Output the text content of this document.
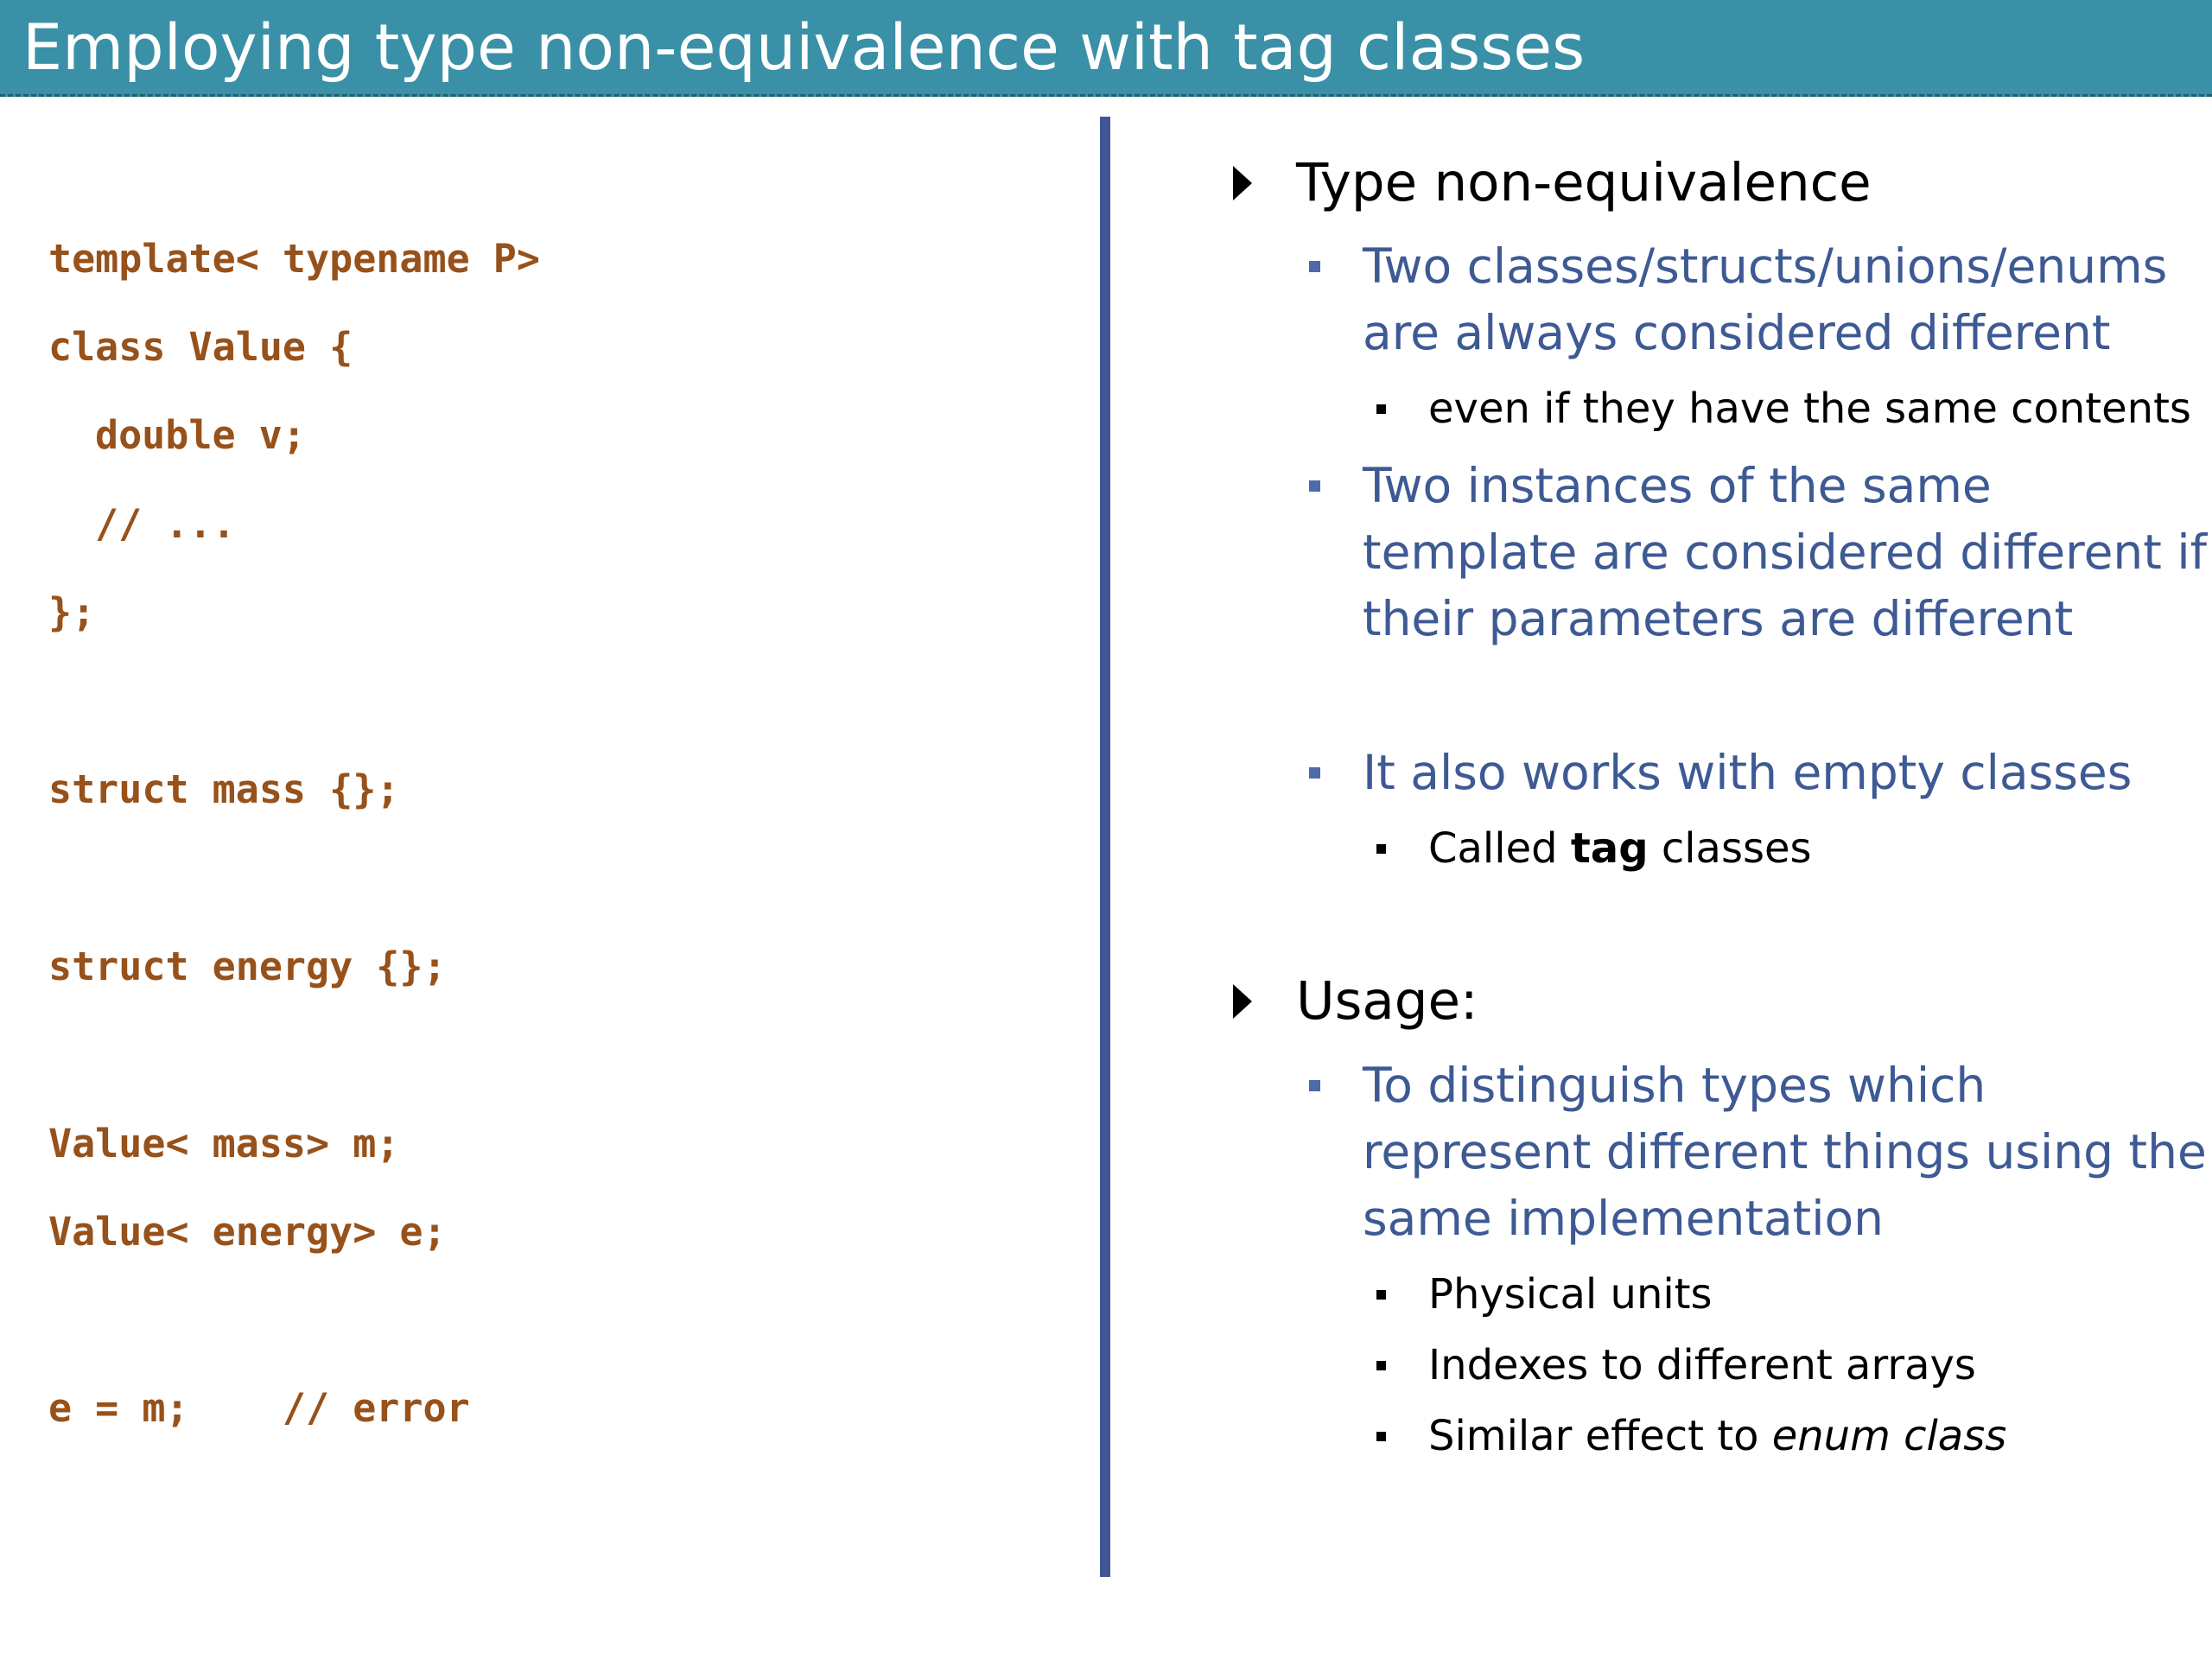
Employing type non-equivalence with tag classes
template< typename P>
class Value {
double v;
// ...
};
struct mass {};
struct energy {};
Value< mass> m;
Value< energy> e;
e = m;    // error
Type non-equivalence
Two classes/structs/unions/enums
are always considered different
even if they have the same contents
Two instances of the same
template are considered different if
their parameters are different
It also works with empty classes
Called tag classes
Usage:
To distinguish types which
represent different things using the
same implementation
Physical units
Indexes to different arrays
Similar effect to enum class
